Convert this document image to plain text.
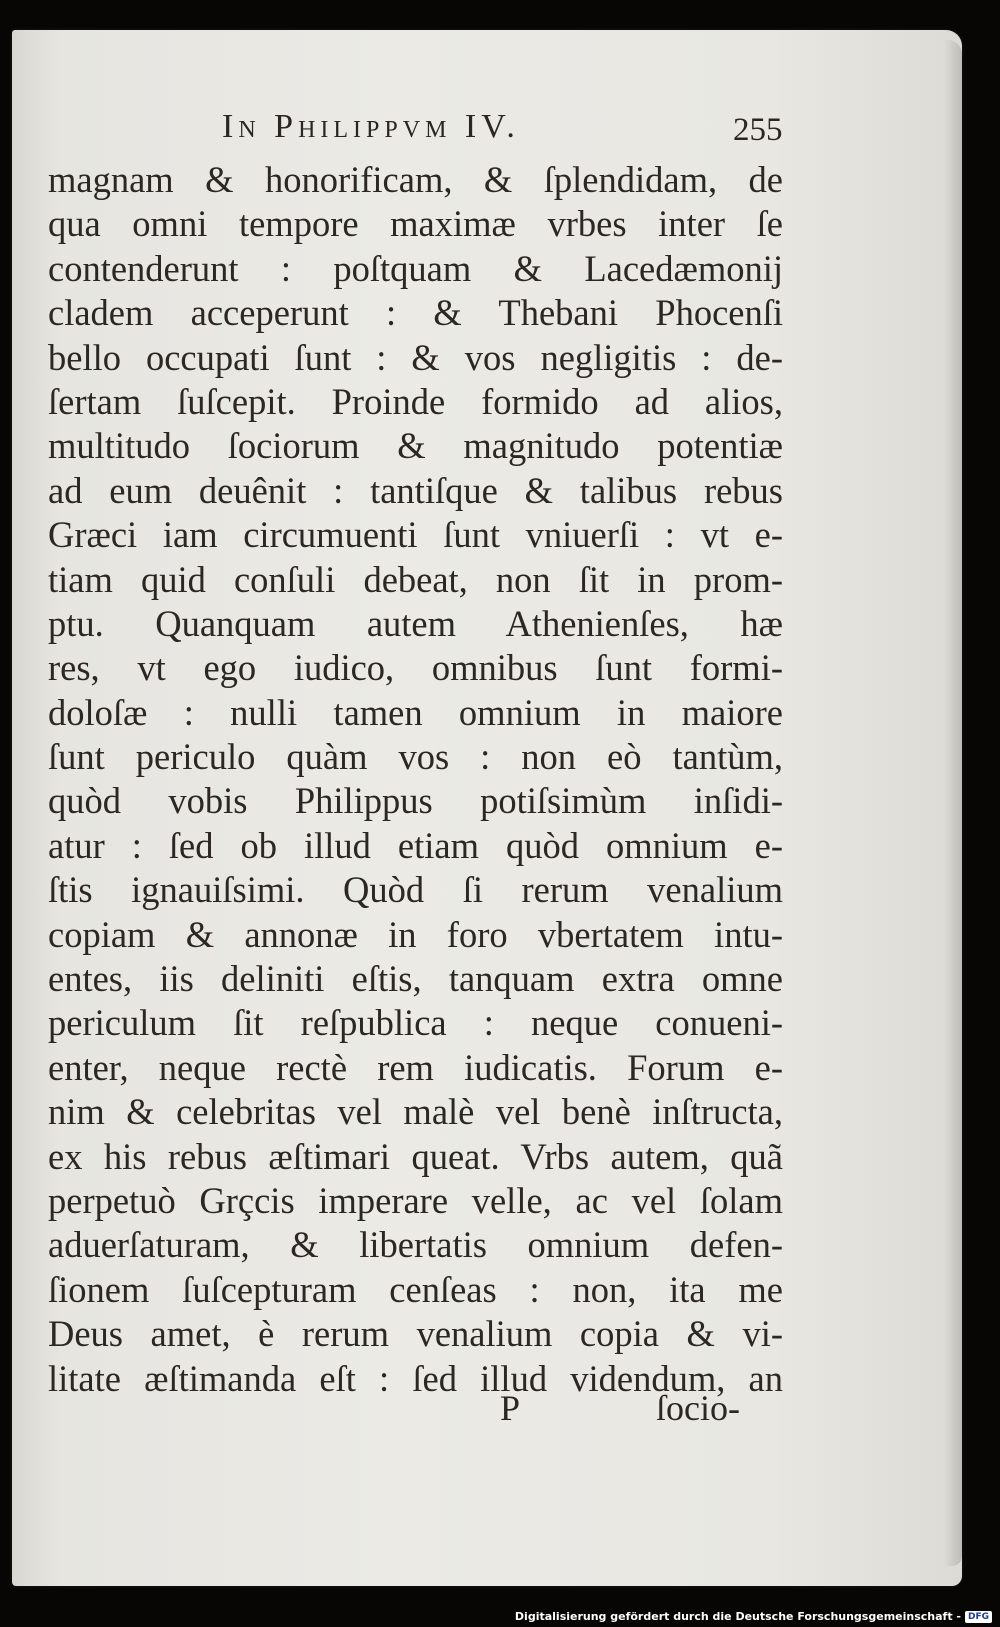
In Philippvm IV.	255
magnam & honorificam, & ſplendidam, de
qua omni tempore maximæ vrbes inter ſe
contenderunt : poſtquam & Lacedæmonij
cladem acceperunt : & Thebani Phocenſi
bello occupati ſunt : & vos negligitis : de-
ſertam ſuſcepit. Proinde formido ad alios,
multitudo ſociorum & magnitudo potentiæ
ad eum deuênit : tantiſque & talibus rebus
Græci iam circumuenti ſunt vniuerſi : vt e-
tiam quid conſuli debeat, non ſit in prom-
ptu. Quanquam autem Athenienſes, hæ
res, vt ego iudico, omnibus ſunt formi-
doloſæ : nulli tamen omnium in maiore
ſunt periculo quàm vos : non eò tantùm,
quòd vobis Philippus potiſsimùm inſidi-
atur : ſed ob illud etiam quòd omnium e-
ſtis ignauiſsimi. Quòd ſi rerum venalium
copiam & annonæ in foro vbertatem intu-
entes, iis deliniti eſtis, tanquam extra omne
periculum ſit reſpublica : neque conueni-
enter, neque rectè rem iudicatis. Forum e-
nim & celebritas vel malè vel benè inſtructa,
ex his rebus æſtimari queat. Vrbs autem, quã
perpetuò Grçcis imperare velle, ac vel ſolam
aduerſaturam, & libertatis omnium defen-
ſionem ſuſcepturam cenſeas : non, ita me
Deus amet, è rerum venalium copia & vi-
litate æſtimanda eſt : ſed illud videndum, an
P	ſocio-
Digitalisierung gefördert durch die Deutsche Forschungsgemeinschaft - DFG
